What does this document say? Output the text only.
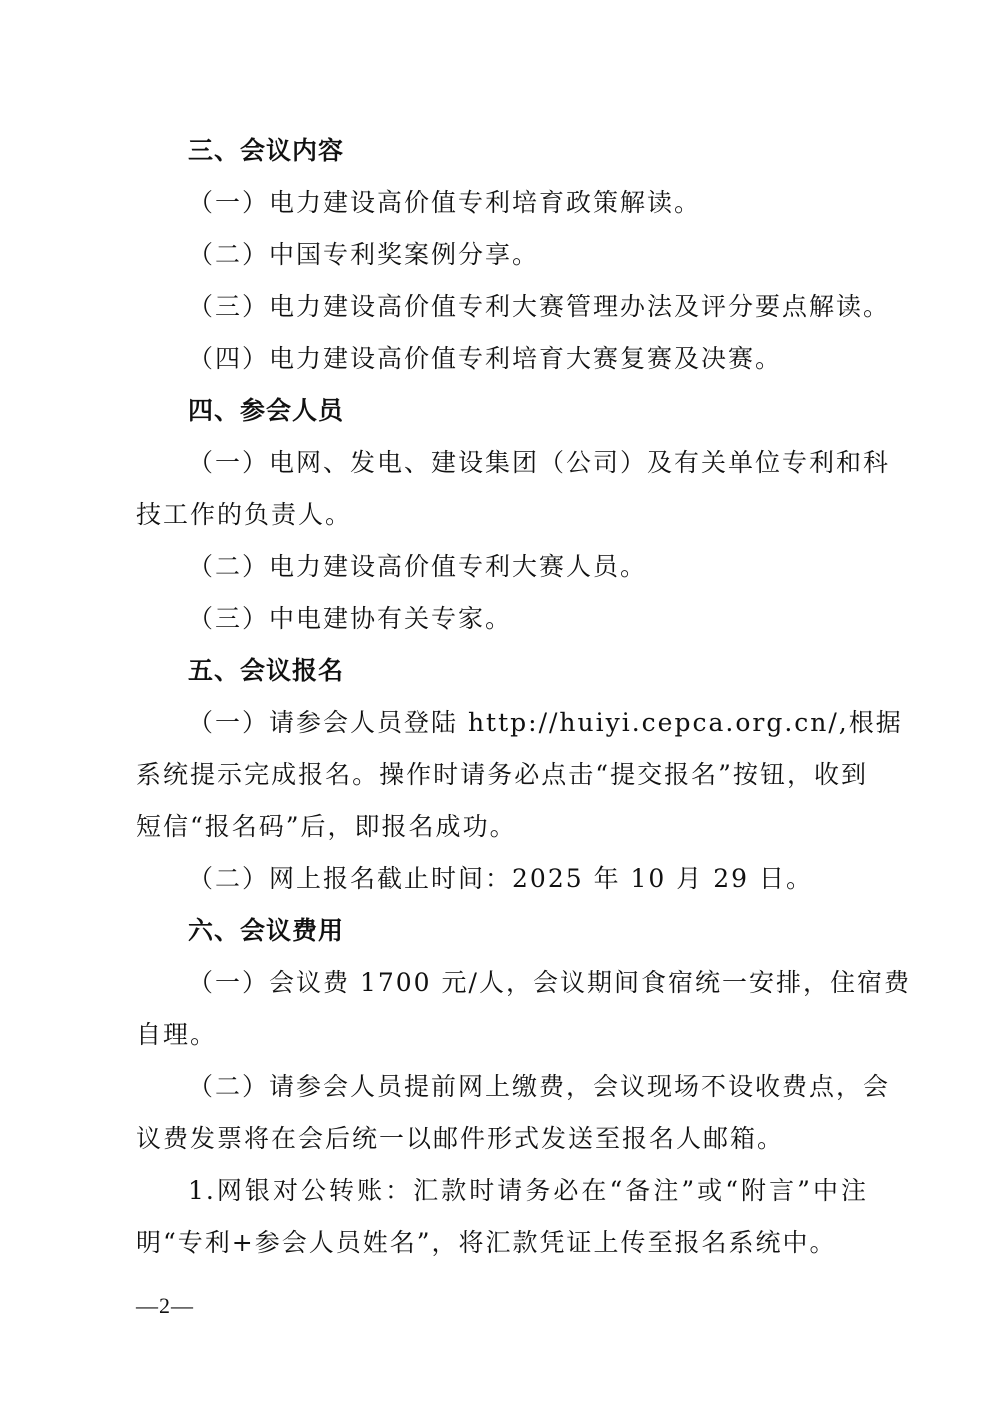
三、会议内容
（一）电力建设高价值专利培育政策解读。
（二）中国专利奖案例分享。
（三）电力建设高价值专利大赛管理办法及评分要点解读。
（四）电力建设高价值专利培育大赛复赛及决赛。
四、参会人员
（一）电网、发电、建设集团（公司）及有关单位专利和科
技工作的负责人。
（二）电力建设高价值专利大赛人员。
（三）中电建协有关专家。
五、会议报名
（一）请参会人员登陆 http://huiyi.cepca.org.cn/,根据
系统提示完成报名。操作时请务必点击“提交报名”按钮，收到
短信“报名码”后，即报名成功。
（二）网上报名截止时间：2025 年 10 月 29 日。
六、会议费用
（一）会议费 1700 元/人，会议期间食宿统一安排，住宿费
自理。
（二）请参会人员提前网上缴费，会议现场不设收费点，会
议费发票将在会后统一以邮件形式发送至报名人邮箱。
1.网银对公转账：汇款时请务必在“备注”或“附言”中注
明“专利+参会人员姓名”，将汇款凭证上传至报名系统中。
—2—
